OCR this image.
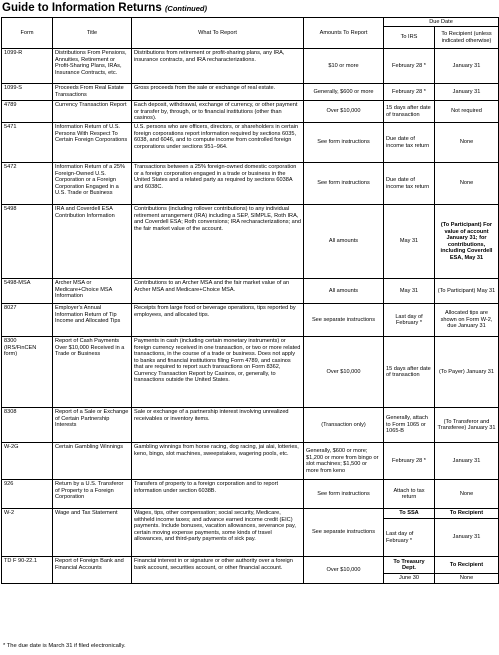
Guide to Information Returns (Continued)
Form	Title	What To Report	Amounts To Report	Due Date	
				To IRS	To Recipient (unless indicated otherwise)
1099-R	Distributions From Pensions, Annuities, Retirement or Profit-Sharing Plans, IRAs, Insurance Contracts, etc.	Distributions from retirement or profit-sharing plans, any IRA, insurance contracts, and IRA recharacterizations.	$10 or more	February 28 *	January 31
1099-S	Proceeds From Real Estate Transactions	Gross proceeds from the sale or exchange of real estate.	Generally, $600 or more	February 28 *	January 31
4789	Currency Transaction Report	Each deposit, withdrawal, exchange of currency, or other payment or transfer by, through, or to financial institutions (other than casinos).	Over $10,000	15 days after date of transaction	Not required
5471	Information Return of U.S. Persons With Respect To Certain Foreign Corporations	U.S. persons who are officers, directors, or shareholders in certain foreign corporations report information required by sections 6035, 6038, and 6046, and to compute income from controlled foreign corporations under sections 951–964.	See form instructions	Due date of income tax return	None
5472	Information Return of a 25% Foreign-Owned U.S. Corporation or a Foreign Corporation Engaged in a U.S. Trade or Business	Transactions between a 25% foreign-owned domestic corporation or a foreign corporation engaged in a trade or business in the United States and a related party as required by sections 6038A and 6038C.	See form instructions	Due date of income tax return	None
5498	IRA and Coverdell ESA Contribution Information	Contributions (including rollover contributions) to any individual retirement arrangement (IRA) including a SEP, SIMPLE, Roth IRA, and Coverdell ESA; Roth conversions; IRA recharacterizations; and the fair market value of the account.	All amounts	May 31	(To Participant) For value of account January 31; for contributions, including Coverdell ESA, May 31
5498-MSA	Archer MSA or Medicare+Choice MSA Information	Contributions to an Archer MSA and the fair market value of an Archer MSA and Medicare+Choice MSA.	All amounts	May 31	(To Participant) May 31
8027	Employer's Annual Information Return of Tip Income and Allocated Tips	Receipts from large food or beverage operations, tips reported by employees, and allocated tips.	See separate instructions	Last day of February *	Allocated tips are shown on Form W-2, due January 31
8300 (IRS/FinCEN form)	Report of Cash Payments Over $10,000 Received in a Trade or Business	Payments in cash (including certain monetary instruments) or foreign currency received in one transaction, or two or more related transactions, in the course of a trade or business. Does not apply to banks and financial institutions filing Form 4789, and casinos that are required to report such transactions on Form 8362, Currency Transaction Report by Casinos, or, generally, to transactions outside the United States.	Over $10,000	15 days after date of transaction	(To Payer) January 31
8308	Report of a Sale or Exchange of Certain Partnership Interests	Sale or exchange of a partnership interest involving unrealized receivables or inventory items.	(Transaction only)	Generally, attach to Form 1065 or 1065-B	(To Transferor and Transferee) January 31
W-2G	Certain Gambling Winnings	Gambling winnings from horse racing, dog racing, jai alai, lotteries, keno, bingo, slot machines, sweepstakes, wagering pools, etc.	Generally, $600 or more; $1,200 or more from bingo or slot machines; $1,500 or more from keno	February 28 *	January 31
926	Return by a U.S. Transferor of Property to a Foreign Corporation	Transfers of property to a foreign corporation and to report information under section 6038B.	See form instructions	Attach to tax return	None
W-2	Wage and Tax Statement	Wages, tips, other compensation; social security, Medicare, withheld income taxes; and advance earned income credit (EIC) payments. Include bonuses, vacation allowances, severance pay, certain moving expense payments, some kinds of travel allowances, and third-party payments of sick pay.	See separate instructions	To SSA	To Recipient
				Last day of February *	January 31
TD F 90-22.1	Report of Foreign Bank and Financial Accounts	Financial interest in or signature or other authority over a foreign bank account, securities account, or other financial account.	Over $10,000	To Treasury Dept.	To Recipient
				June 30	None
* The due date is March 31 if filed electronically.
